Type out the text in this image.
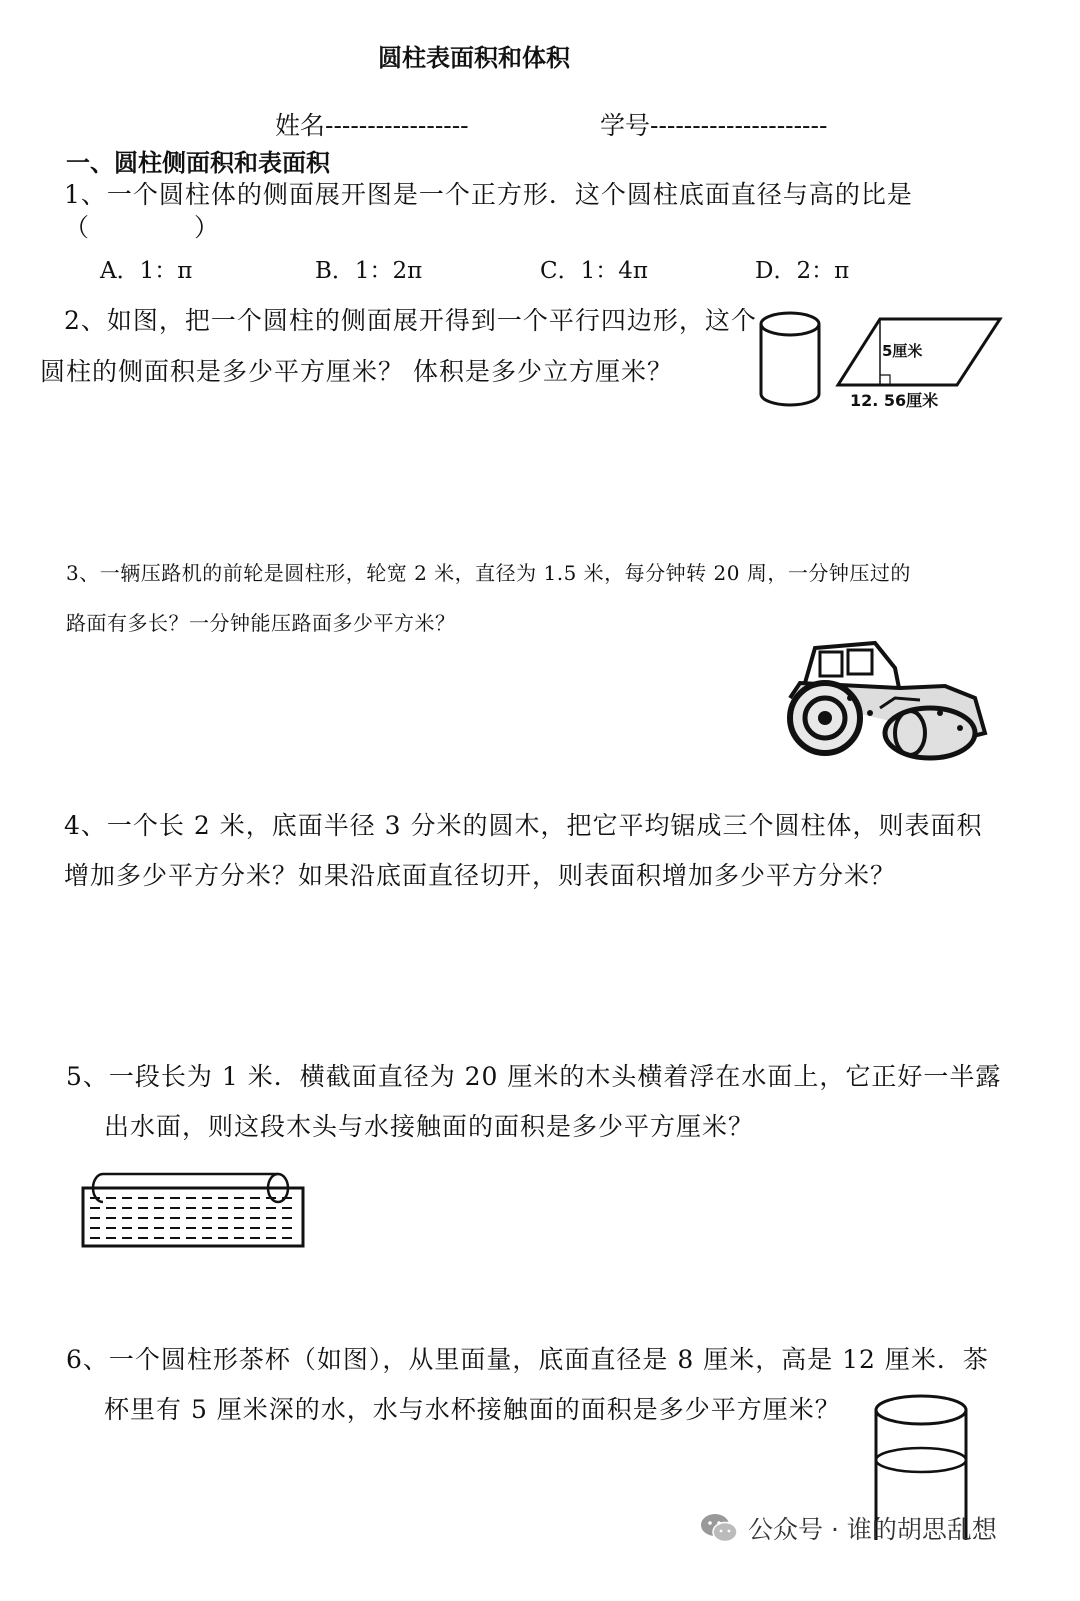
圆柱表面积和体积
姓名-----------------	学号---------------------
一、圆柱侧面积和表面积
1、一个圆柱体的侧面展开图是一个正方形．这个圆柱底面直径与高的比是
（　　　　）
A．1：π	B．1：2π	C．1：4π	D．2：π
2、如图，把一个圆柱的侧面展开得到一个平行四边形，这个
圆柱的侧面积是多少平方厘米？ 体积是多少立方厘米？
5厘米
12. 56厘米
3、一辆压路机的前轮是圆柱形，轮宽 2 米，直径为 1.5 米，每分钟转 20 周，一分钟压过的
路面有多长？一分钟能压路面多少平方米？
4、一个长 2 米，底面半径 3 分米的圆木，把它平均锯成三个圆柱体，则表面积
增加多少平方分米？如果沿底面直径切开，则表面积增加多少平方分米？
5、一段长为 1 米．横截面直径为 20 厘米的木头横着浮在水面上，它正好一半露
出水面，则这段木头与水接触面的面积是多少平方厘米？
6、一个圆柱形茶杯（如图），从里面量，底面直径是 8 厘米，高是 12 厘米．茶
杯里有 5 厘米深的水，水与水杯接触面的面积是多少平方厘米？
公众号 · 谁的胡思乱想
